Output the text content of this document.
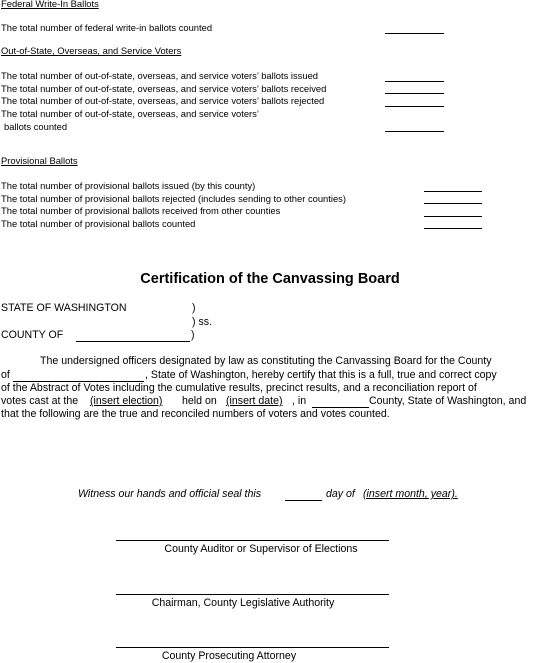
Federal Write-In Ballots
The total number of federal write-in ballots counted
Out-of-State, Overseas, and Service Voters
The total number of out-of-state, overseas, and service voters’ ballots issued
The total number of out-of-state, overseas, and service voters’ ballots received
The total number of out-of-state, overseas, and service voters’ ballots rejected
The total number of out-of-state, overseas, and service voters’
ballots counted
Provisional Ballots
The total number of provisional ballots issued (by this county)
The total number of provisional ballots rejected (includes sending to other counties)
The total number of provisional ballots received from other counties
The total number of provisional ballots counted
Certification of the Canvassing Board
STATE OF WASHINGTON	)
) ss.
COUNTY OF	)
The undersigned officers designated by law as constituting the Canvassing Board for the County
of	, State of Washington, hereby certify that this is a full, true and correct copy
of the Abstract of Votes including the cumulative results, precinct results, and a reconciliation report of
votes cast at the (insert election) held on (insert date) , in	County, State of Washington, and
that the following are the true and reconciled numbers of voters and votes counted.
Witness our hands and official seal this	day of (insert month, year).
County Auditor or Supervisor of Elections
Chairman, County Legislative Authority
County Prosecuting Attorney
